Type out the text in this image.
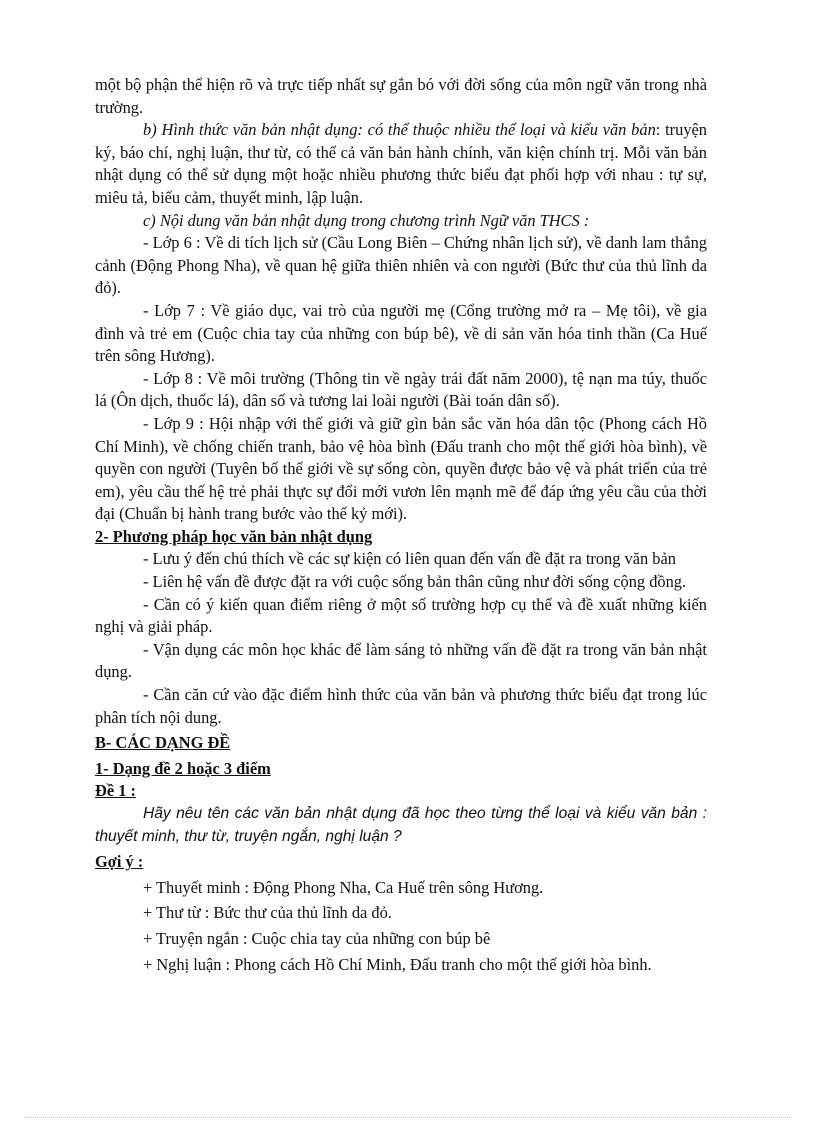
một bộ phận thể hiện rõ và trực tiếp nhất sự gắn bó với đời sống của môn ngữ văn trong nhà trường.

b) Hình thức văn bản nhật dụng: có thể thuộc nhiều thể loại và kiểu văn bản: truyện ký, báo chí, nghị luận, thư từ, có thể cả văn bản hành chính, văn kiện chính trị. Mỗi văn bản nhật dụng có thể sử dụng một hoặc nhiều phương thức biểu đạt phối hợp với nhau : tự sự, miêu tả, biểu cảm, thuyết minh, lập luận.

c) Nội dung văn bản nhật dụng trong chương trình Ngữ văn THCS :

- Lớp 6 : Về di tích lịch sử (Cầu Long Biên – Chứng nhân lịch sử), về danh lam thắng cảnh (Động Phong Nha), về quan hệ giữa thiên nhiên và con người (Bức thư của thủ lĩnh da đỏ).

- Lớp 7 : Về giáo dục, vai trò của người mẹ (Cổng trường mở ra – Mẹ tôi), về gia đình và trẻ em (Cuộc chia tay của những con búp bê), về di sản văn hóa tinh thần (Ca Huế trên sông Hương).

- Lớp 8 : Về môi trường (Thông tin về ngày trái đất năm 2000), tệ nạn ma túy, thuốc lá (Ôn dịch, thuốc lá), dân số và tương lai loài người (Bài toán dân số).

- Lớp 9 : Hội nhập với thế giới và giữ gìn bản sắc văn hóa dân tộc (Phong cách Hồ Chí Minh), về chống chiến tranh, bảo vệ hòa bình (Đấu tranh cho một thế giới hòa bình), về quyền con người (Tuyên bố thế giới về sự sống còn, quyền được bảo vệ và phát triển của trẻ em), yêu cầu thế hệ trẻ phải thực sự đổi mới vươn lên mạnh mẽ để đáp ứng yêu cầu của thời đại (Chuẩn bị hành trang bước vào thế kỷ mới).

2- Phương pháp học văn bản nhật dụng

- Lưu ý đến chú thích về các sự kiện có liên quan đến vấn đề đặt ra trong văn bản

- Liên hệ vấn đề được đặt ra với cuộc sống bản thân cũng như đời sống cộng đồng.

- Cần có ý kiến quan điểm riêng ở một số trường hợp cụ thể và đề xuất những kiến nghị và giải pháp.

- Vận dụng các môn học khác để làm sáng tỏ những vấn đề đặt ra trong văn bản nhật dụng.

- Cần căn cứ vào đặc điểm hình thức của văn bản và phương thức biểu đạt trong lúc phân tích nội dung.

B- CÁC DẠNG ĐỀ

1- Dạng đề 2 hoặc 3 điểm

Đề 1 :

Hãy nêu tên các văn bản nhật dụng đã học theo từng thể loại và kiểu văn bản : thuyết minh, thư từ, truyện ngắn, nghị luận ?

Gợi ý :

+ Thuyết minh : Động Phong Nha, Ca Huế trên sông Hương.

+ Thư từ : Bức thư của thủ lĩnh da đỏ.

+ Truyện ngắn : Cuộc chia tay của những con búp bê

+ Nghị luận : Phong cách Hồ Chí Minh, Đấu tranh cho một thế giới hòa bình.
